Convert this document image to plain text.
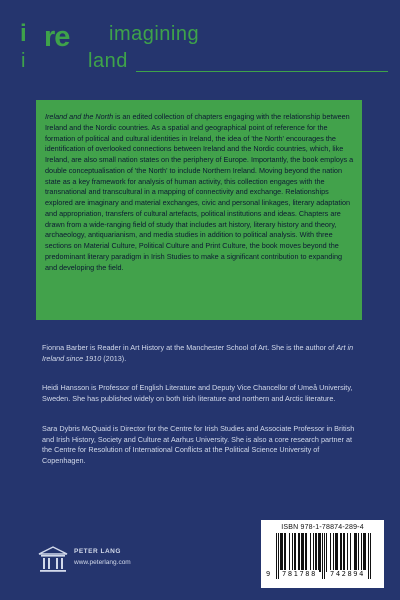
i re imagining
i	land

Ireland and the North is an edited collection of chapters engaging with the relationship between Ireland and the Nordic countries. As a spatial and geographical point of reference for the formation of political and cultural identities in Ireland, the idea of 'the North' encourages the identification of overlooked connections between Ireland and the Nordic countries, which, like Ireland, are also small nation states on the periphery of Europe. Importantly, the book employs a double conceptualisation of 'the North' to include Northern Ireland. Moving beyond the nation state as a key framework for analysis of human activity, this collection engages with the transnational and transcultural in a mapping of connectivity and exchange. Relationships explored are imaginary and material exchanges, civic and personal linkages, literary adaptation and appropriation, transfers of cultural artefacts, political institutions and ideas. Chapters are drawn from a wide-ranging field of study that includes art history, literary history and theory, archaeology, antiquarianism, and media studies in addition to political analysis. With three sections on Material Culture, Political Culture and Print Culture, the book moves beyond the predominant literary paradigm in Irish Studies to make a significant contribution to expanding and developing the field.

Fionna Barber is Reader in Art History at the Manchester School of Art. She is the author of Art in Ireland since 1910 (2013).

Heidi Hansson is Professor of English Literature and Deputy Vice Chancellor of Umeå University, Sweden. She has published widely on both Irish literature and northern and Arctic literature.

Sara Dybris McQuaid is Director for the Centre for Irish Studies and Associate Professor in British and Irish History, Society and Culture at Aarhus University. She is also a core research partner at the Centre for Resolution of International Conflicts at the Political Science University of Copenhagen.

PETER LANG
www.peterlang.com
ISBN 978-1-78874-289-4
9 781788 742894
